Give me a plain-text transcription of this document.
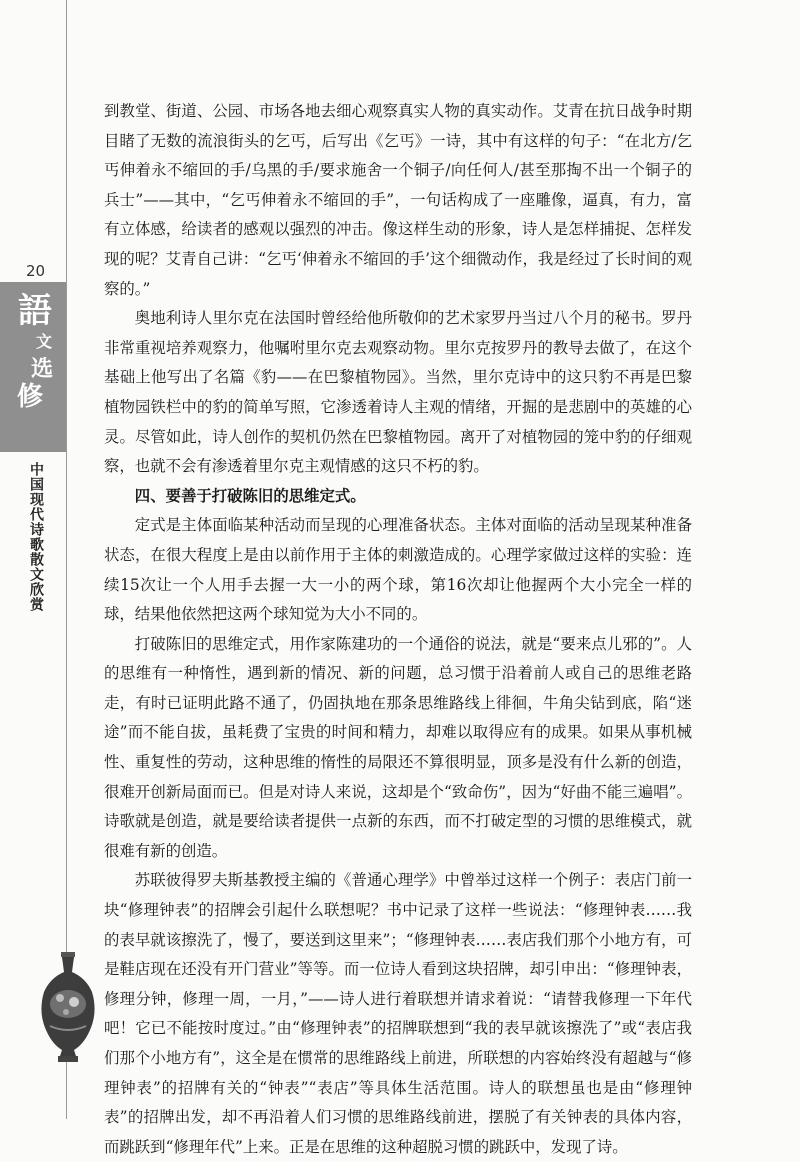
20
語
文
选
修
中国现代诗歌散文欣赏

到教堂、街道、公园、市场各地去细心观察真实人物的真实动作。艾青在抗日战争时期目睹了无数的流浪街头的乞丐，后写出《乞丐》一诗，其中有这样的句子：“在北方/乞丐伸着永不缩回的手/乌黑的手/要求施舍一个铜子/向任何人/甚至那掏不出一个铜子的兵士”——其中，“乞丐伸着永不缩回的手”，一句话构成了一座雕像，逼真，有力，富有立体感，给读者的感观以强烈的冲击。像这样生动的形象，诗人是怎样捕捉、怎样发现的呢？艾青自己讲：“乞丐‘伸着永不缩回的手’这个细微动作，我是经过了长时间的观察的。”

奥地利诗人里尔克在法国时曾经给他所敬仰的艺术家罗丹当过八个月的秘书。罗丹非常重视培养观察力，他嘱咐里尔克去观察动物。里尔克按罗丹的教导去做了，在这个基础上他写出了名篇《豹——在巴黎植物园》。当然，里尔克诗中的这只豹不再是巴黎植物园铁栏中的豹的简单写照，它渗透着诗人主观的情绪，开掘的是悲剧中的英雄的心灵。尽管如此，诗人创作的契机仍然在巴黎植物园。离开了对植物园的笼中豹的仔细观察，也就不会有渗透着里尔克主观情感的这只不朽的豹。

四、要善于打破陈旧的思维定式。

定式是主体面临某种活动而呈现的心理准备状态。主体对面临的活动呈现某种准备状态，在很大程度上是由以前作用于主体的刺激造成的。心理学家做过这样的实验：连续15次让一个人用手去握一大一小的两个球，第16次却让他握两个大小完全一样的球，结果他依然把这两个球知觉为大小不同的。

打破陈旧的思维定式，用作家陈建功的一个通俗的说法，就是“要来点儿邪的”。人的思维有一种惰性，遇到新的情况、新的问题，总习惯于沿着前人或自己的思维老路走，有时已证明此路不通了，仍固执地在那条思维路线上徘徊，牛角尖钻到底，陷“迷途”而不能自拔，虽耗费了宝贵的时间和精力，却难以取得应有的成果。如果从事机械性、重复性的劳动，这种思维的惰性的局限还不算很明显，顶多是没有什么新的创造，很难开创新局面而已。但是对诗人来说，这却是个“致命伤”，因为“好曲不能三遍唱”。诗歌就是创造，就是要给读者提供一点新的东西，而不打破定型的习惯的思维模式，就很难有新的创造。

苏联彼得罗夫斯基教授主编的《普通心理学》中曾举过这样一个例子：表店门前一块“修理钟表”的招牌会引起什么联想呢？书中记录了这样一些说法：“修理钟表……我的表早就该擦洗了，慢了，要送到这里来”；“修理钟表……表店我们那个小地方有，可是鞋店现在还没有开门营业”等等。而一位诗人看到这块招牌，却引申出：“修理钟表，修理分钟，修理一周，一月，”——诗人进行着联想并请求着说：“请替我修理一下年代吧！它已不能按时度过。”由“修理钟表”的招牌联想到“我的表早就该擦洗了”或“表店我们那个小地方有”，这全是在惯常的思维路线上前进，所联想的内容始终没有超越与“修理钟表”的招牌有关的“钟表”“表店”等具体生活范围。诗人的联想虽也是由“修理钟表”的招牌出发，却不再沿着人们习惯的思维路线前进，摆脱了有关钟表的具体内容，而跳跃到“修理年代”上来。正是在思维的这种超脱习惯的跳跃中，发现了诗。
